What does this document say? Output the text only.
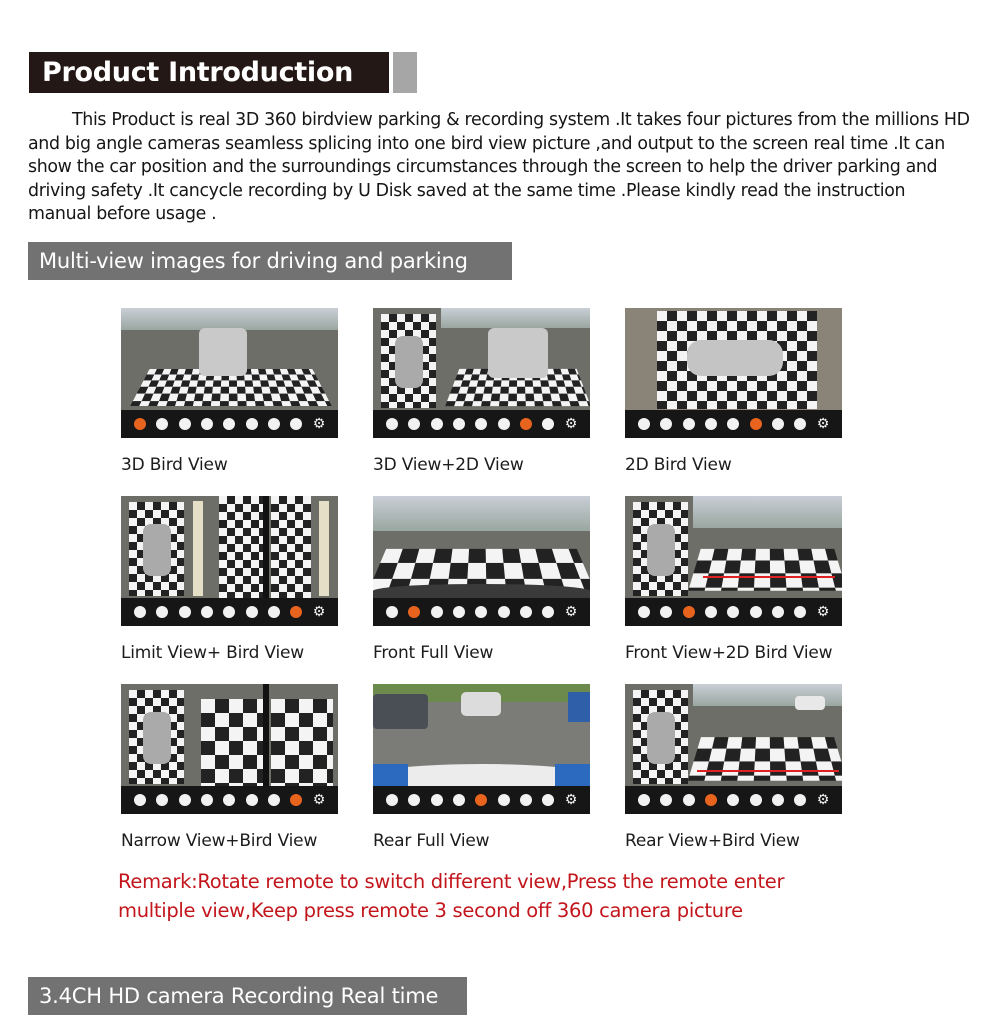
Product Introduction
This Product is real 3D 360 birdview parking & recording system .It takes four pictures from the millions HD and big angle cameras seamless splicing into one bird view picture ,and output to the screen real time .It can show the car position and the surroundings circumstances through the screen to help the driver parking and driving safety .It cancycle recording by U Disk saved at the same time .Please kindly read the instruction manual before usage .
Multi-view images for driving and parking
⚙
3D Bird View
⚙
3D View+2D View
⚙
2D Bird View
⚙
Limit View+ Bird View
⚙
Front Full View
⚙
Front View+2D Bird View
⚙
Narrow View+Bird View
⚙
Rear Full View
⚙
Rear View+Bird View
Remark:Rotate remote to switch different view,Press the remote enter
multiple view,Keep press remote 3 second off 360 camera picture
3.4CH HD camera Recording Real time
